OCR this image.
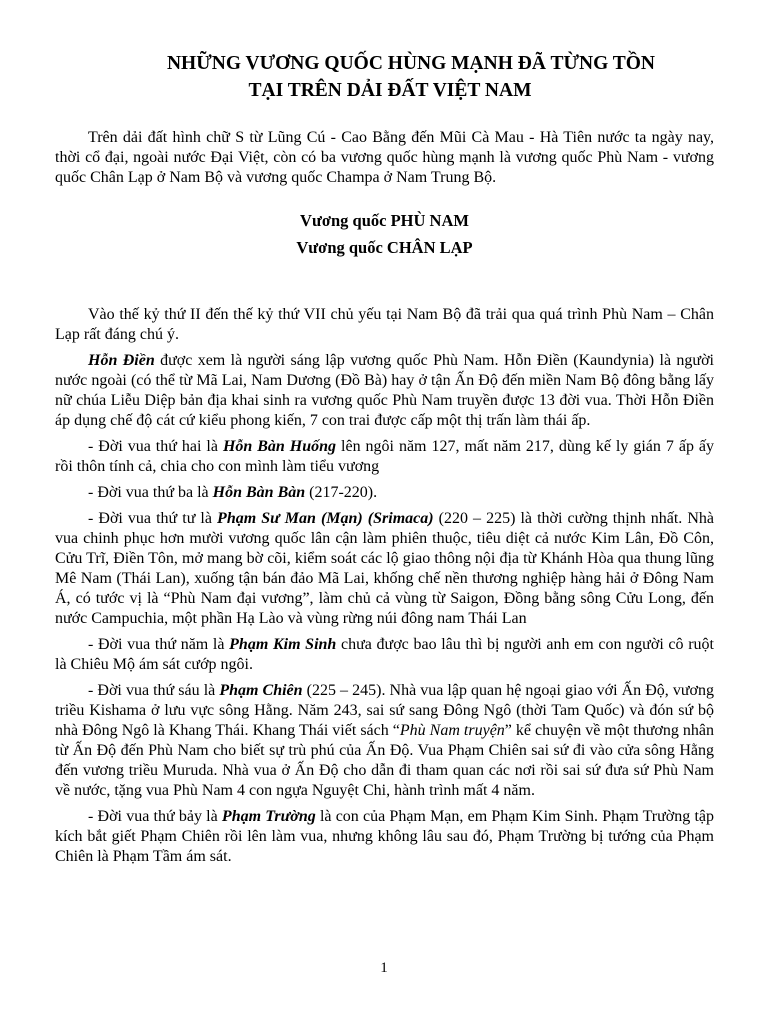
NHỮNG VƯƠNG QUỐC HÙNG MẠNH ĐÃ TỪNG TỒN
TẠI TRÊN DẢI ĐẤT VIỆT NAM

Trên dải đất hình chữ S từ Lũng Cú - Cao Bằng đến Mũi Cà Mau - Hà Tiên nước ta ngày nay, thời cổ đại, ngoài nước Đại Việt, còn có ba vương quốc hùng mạnh là vương quốc Phù Nam - vương quốc Chân Lạp ở Nam Bộ và vương quốc Champa ở Nam Trung Bộ.

Vương quốc PHÙ NAM
Vương quốc CHÂN LẠP

Vào thế kỷ thứ II đến thế kỷ thứ VII chủ yếu tại Nam Bộ đã trải qua quá trình Phù Nam – Chân Lạp rất đáng chú ý.

Hỗn Điền được xem là người sáng lập vương quốc Phù Nam. Hỗn Điền (Kaundynia) là người nước ngoài (có thể từ Mã Lai, Nam Dương (Đồ Bà) hay ở tận Ấn Độ đến miền Nam Bộ đông bằng lấy nữ chúa Liễu Diệp bản địa khai sinh ra vương quốc Phù Nam truyền được 13 đời vua. Thời Hỗn Điền áp dụng chế độ cát cứ kiểu phong kiến, 7 con trai được cấp một thị trấn làm thái ấp.

- Đời vua thứ hai là Hỗn Bàn Huống lên ngôi năm 127, mất năm 217, dùng kế ly gián 7 ấp ấy rồi thôn tính cả, chia cho con mình làm tiểu vương

- Đời vua thứ ba là Hỗn Bàn Bàn (217-220).

- Đời vua thứ tư là Phạm Sư Man (Mạn) (Srimaca) (220 – 225) là thời cường thịnh nhất. Nhà vua chinh phục hơn mười vương quốc lân cận làm phiên thuộc, tiêu diệt cả nước Kim Lân, Đồ Côn, Cửu Trĩ, Điền Tôn, mở mang bờ cõi, kiểm soát các lộ giao thông nội địa từ Khánh Hòa qua thung lũng Mê Nam (Thái Lan), xuống tận bán đảo Mã Lai, khống chế nền thương nghiệp hàng hải ở Đông Nam Á, có tước vị là “Phù Nam đại vương”, làm chủ cả vùng từ Saigon, Đồng bằng sông Cửu Long, đến nước Campuchia, một phần Hạ Lào và vùng rừng núi đông nam Thái Lan

- Đời vua thứ năm là Phạm Kim Sinh chưa được bao lâu thì bị người anh em con người cô ruột là Chiêu Mộ ám sát cướp ngôi.

- Đời vua thứ sáu là Phạm Chiên (225 – 245). Nhà vua lập quan hệ ngoại giao với Ấn Độ, vương triều Kishama ở lưu vực sông Hằng. Năm 243, sai sứ sang Đông Ngô (thời Tam Quốc) và đón sứ bộ nhà Đông Ngô là Khang Thái. Khang Thái viết sách “Phù Nam truyện” kể chuyện về một thương nhân từ Ấn Độ đến Phù Nam cho biết sự trù phú của Ấn Độ. Vua Phạm Chiên sai sứ đi vào cửa sông Hằng đến vương triều Muruda. Nhà vua ở Ấn Độ cho dẫn đi tham quan các nơi rồi sai sứ đưa sứ Phù Nam về nước, tặng vua Phù Nam 4 con ngựa Nguyệt Chi, hành trình mất 4 năm.

- Đời vua thứ bảy là Phạm Trường là con của Phạm Mạn, em Phạm Kim Sinh. Phạm Trường tập kích bắt giết Phạm Chiên rồi lên làm vua, nhưng không lâu sau đó, Phạm Trường bị tướng của Phạm Chiên là Phạm Tầm ám sát.

1
